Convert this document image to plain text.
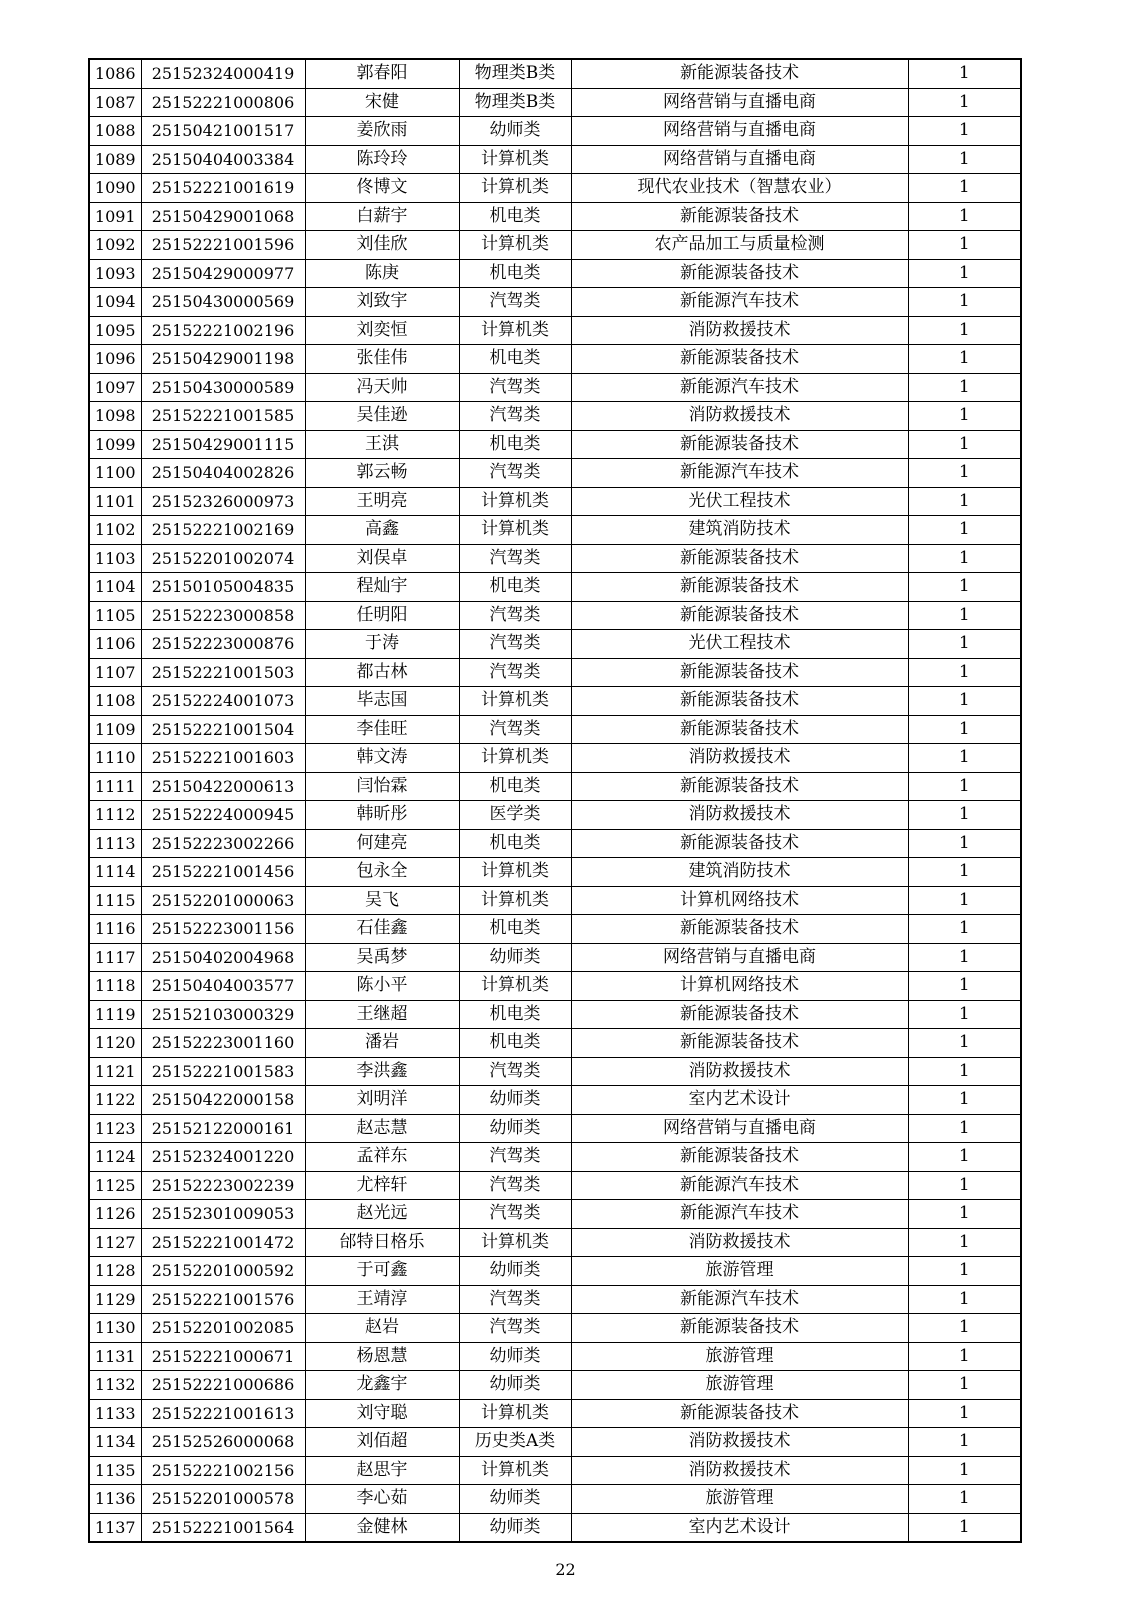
1086	25152324000419	郭春阳	物理类B类	新能源装备技术	1
1087	25152221000806	宋健	物理类B类	网络营销与直播电商	1
1088	25150421001517	姜欣雨	幼师类	网络营销与直播电商	1
1089	25150404003384	陈玲玲	计算机类	网络营销与直播电商	1
1090	25152221001619	佟博文	计算机类	现代农业技术（智慧农业）	1
1091	25150429001068	白薪宇	机电类	新能源装备技术	1
1092	25152221001596	刘佳欣	计算机类	农产品加工与质量检测	1
1093	25150429000977	陈庚	机电类	新能源装备技术	1
1094	25150430000569	刘致宇	汽驾类	新能源汽车技术	1
1095	25152221002196	刘奕恒	计算机类	消防救援技术	1
1096	25150429001198	张佳伟	机电类	新能源装备技术	1
1097	25150430000589	冯天帅	汽驾类	新能源汽车技术	1
1098	25152221001585	吴佳逊	汽驾类	消防救援技术	1
1099	25150429001115	王淇	机电类	新能源装备技术	1
1100	25150404002826	郭云畅	汽驾类	新能源汽车技术	1
1101	25152326000973	王明亮	计算机类	光伏工程技术	1
1102	25152221002169	高鑫	计算机类	建筑消防技术	1
1103	25152201002074	刘俣卓	汽驾类	新能源装备技术	1
1104	25150105004835	程灿宇	机电类	新能源装备技术	1
1105	25152223000858	任明阳	汽驾类	新能源装备技术	1
1106	25152223000876	于涛	汽驾类	光伏工程技术	1
1107	25152221001503	都古林	汽驾类	新能源装备技术	1
1108	25152224001073	毕志国	计算机类	新能源装备技术	1
1109	25152221001504	李佳旺	汽驾类	新能源装备技术	1
1110	25152221001603	韩文涛	计算机类	消防救援技术	1
1111	25150422000613	闫怡霖	机电类	新能源装备技术	1
1112	25152224000945	韩昕彤	医学类	消防救援技术	1
1113	25152223002266	何建亮	机电类	新能源装备技术	1
1114	25152221001456	包永全	计算机类	建筑消防技术	1
1115	25152201000063	吴飞	计算机类	计算机网络技术	1
1116	25152223001156	石佳鑫	机电类	新能源装备技术	1
1117	25150402004968	吴禹梦	幼师类	网络营销与直播电商	1
1118	25150404003577	陈小平	计算机类	计算机网络技术	1
1119	25152103000329	王继超	机电类	新能源装备技术	1
1120	25152223001160	潘岩	机电类	新能源装备技术	1
1121	25152221001583	李洪鑫	汽驾类	消防救援技术	1
1122	25150422000158	刘明洋	幼师类	室内艺术设计	1
1123	25152122000161	赵志慧	幼师类	网络营销与直播电商	1
1124	25152324001220	孟祥东	汽驾类	新能源装备技术	1
1125	25152223002239	尤梓轩	汽驾类	新能源汽车技术	1
1126	25152301009053	赵光远	汽驾类	新能源汽车技术	1
1127	25152221001472	邰特日格乐	计算机类	消防救援技术	1
1128	25152201000592	于可鑫	幼师类	旅游管理	1
1129	25152221001576	王靖淳	汽驾类	新能源汽车技术	1
1130	25152201002085	赵岩	汽驾类	新能源装备技术	1
1131	25152221000671	杨恩慧	幼师类	旅游管理	1
1132	25152221000686	龙鑫宇	幼师类	旅游管理	1
1133	25152221001613	刘守聪	计算机类	新能源装备技术	1
1134	25152526000068	刘佰超	历史类A类	消防救援技术	1
1135	25152221002156	赵思宇	计算机类	消防救援技术	1
1136	25152201000578	李心茹	幼师类	旅游管理	1
1137	25152221001564	金健林	幼师类	室内艺术设计	1
22
